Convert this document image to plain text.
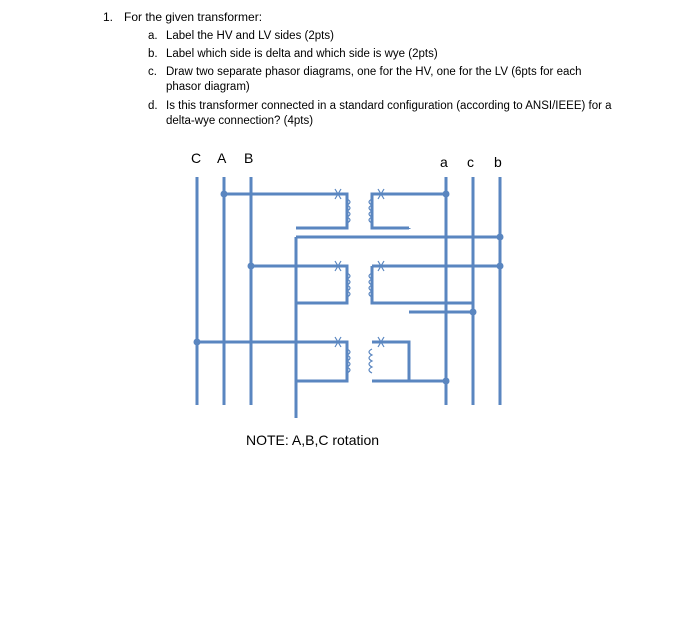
1. For the given transformer:
a. Label the HV and LV sides (2pts)
b. Label which side is delta and which side is wye (2pts)
c. Draw two separate phasor diagrams, one for the HV, one for the LV (6pts for each phasor diagram)
d. Is this transformer connected in a standard configuration (according to ANSI/IEEE) for a delta-wye connection? (4pts)
C A B	a c b
NOTE: A,B,C rotation
